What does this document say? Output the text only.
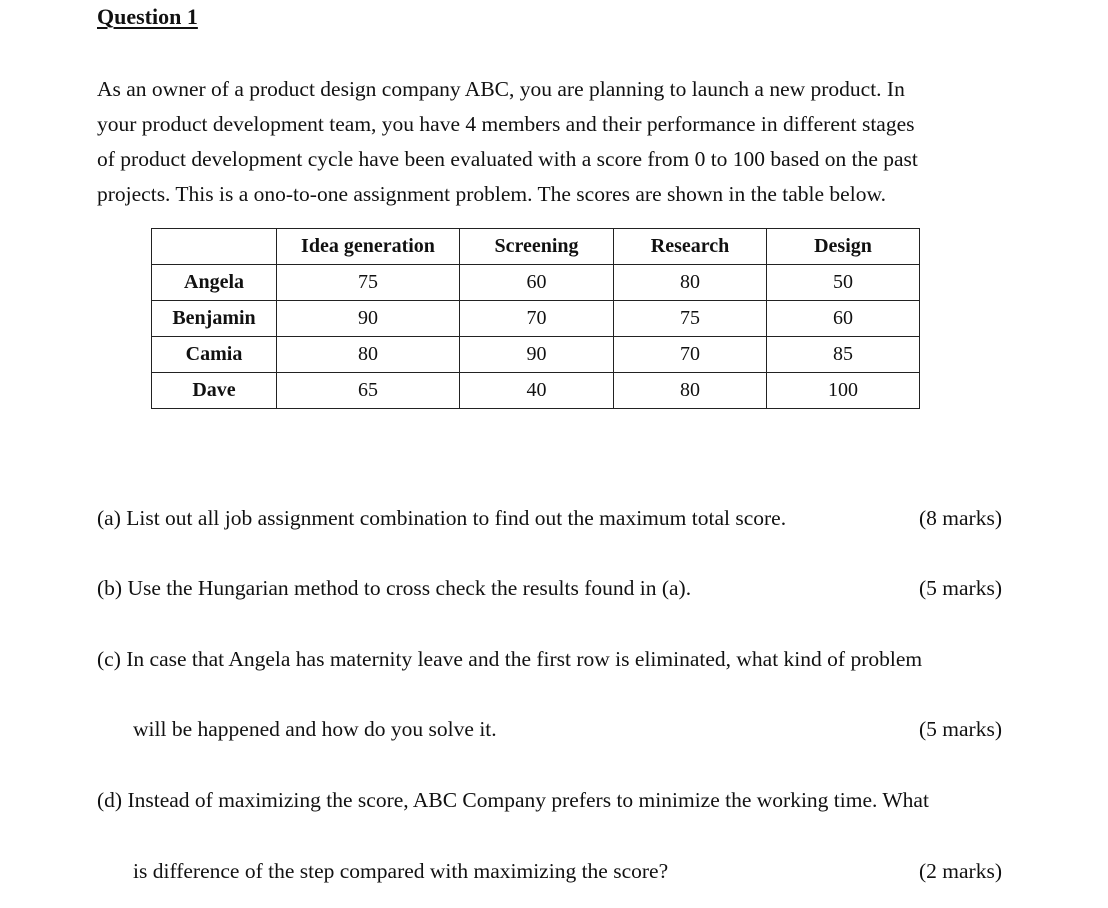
Question 1
As an owner of a product design company ABC, you are planning to launch a new product. In
your product development team, you have 4 members and their performance in different stages
of product development cycle have been evaluated with a score from 0 to 100 based on the past
projects. This is a ono-to-one assignment problem. The scores are shown in the table below.
	Idea generation	Screening	Research	Design
Angela	75	60	80	50
Benjamin	90	70	75	60
Camia	80	90	70	85
Dave	65	40	80	100
(a) List out all job assignment combination to find out the maximum total score.	(8 marks)
(b) Use the Hungarian method to cross check the results found in (a).	(5 marks)
(c) In case that Angela has maternity leave and the first row is eliminated, what kind of problem
will be happened and how do you solve it.	(5 marks)
(d) Instead of maximizing the score, ABC Company prefers to minimize the working time. What
is difference of the step compared with maximizing the score?	(2 marks)
